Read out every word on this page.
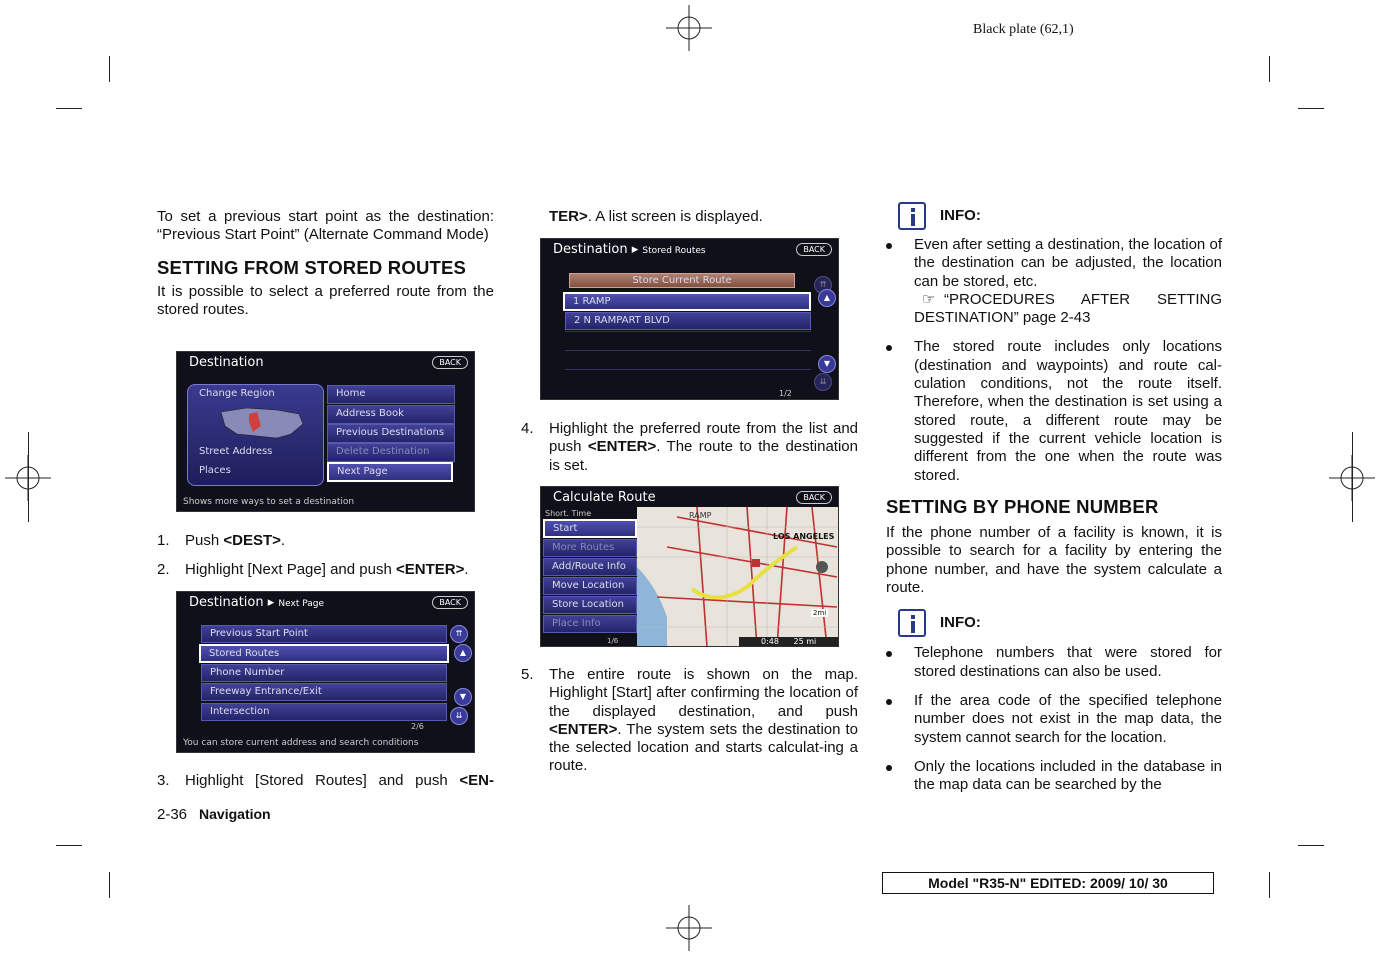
Black plate (62,1)

To set a previous start point as the destination: “Previous Start Point” (Alternate Command Mode)

SETTING FROM STORED ROUTES

It is possible to select a preferred route from the stored routes.

Destination	BACK
Change Region
Street Address
Places
Home
Address Book
Previous Destinations
Delete Destination
Next Page
Shows more ways to set a destination
1. Push <DEST>.
2. Highlight [Next Page] and push <ENTER>.
Destination ▸ Next Page	BACK
Previous Start Point
Stored Routes
Phone Number
Freeway Entrance/Exit
Intersection
⇈
▲
▼
⇊
2/6
You can store current address and search conditions
3. Highlight [Stored Routes] and push <EN-
TER>. A list screen is displayed.
Destination ▸ Stored Routes	BACK
Store Current Route
1 RAMP
2 N RAMPART BLVD
⇈
▲
▼
⇊
1/2
4. Highlight the preferred route from the list and push <ENTER>. The route to the destination is set.
Calculate Route	BACK
LOS ANGELES
RAMP
2mi
Short. Time
Start
More Routes
Add/Route Info
Move Location
Store Location
Place Info
1/6	0:48 25 mi
5. The entire route is shown on the map. Highlight [Start] after confirming the location of the displayed destination, and push <ENTER>. The system sets the destination to the selected location and starts calculat-ing a route.
INFO:
Even after setting a destination, the location of the destination can be adjusted, the location can be stored, etc.
☞ “PROCEDURES AFTER SETTING DESTINATION” page 2-43
The stored route includes only locations (destination and waypoints) and route cal-culation conditions, not the route itself. Therefore, when the destination is set using a stored route, a different route may be suggested if the current vehicle location is different from the one when the route was stored.
SETTING BY PHONE NUMBER

If the phone number of a facility is known, it is possible to search for a facility by entering the phone number, and have the system calculate a route.

INFO:
Telephone numbers that were stored for stored destinations can also be used.
If the area code of the specified telephone number does not exist in the map data, the system cannot search for the location.
Only the locations included in the database in the map data can be searched by the
2-36 Navigation
Model "R35-N" EDITED: 2009/ 10/ 30
